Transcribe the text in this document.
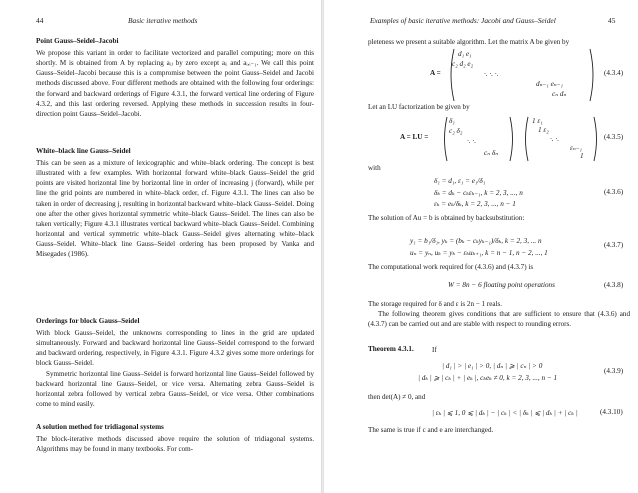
44	Basic iterative methods
Point Gauss–Seidel–Jacobi
We propose this variant in order to facilitate vectorized and parallel computing; more on this shortly. M is obtained from A by replacing aᵢⱼ by zero except aᵢᵢ and aᵢ,ᵢ₋₁. We call this point Gauss–Seidel–Jacobi because this is a compromise between the point Gauss–Seidel and Jacobi methods discussed above. Four different methods are obtained with the following four orderings: the forward and backward orderings of Figure 4.3.1, the forward vertical line ordering of Figure 4.3.2, and this last ordering reversed. Applying these methods in succession results in four-direction point Gauss–Seidel–Jacobi.
White–black line Gauss–Seidel
This can be seen as a mixture of lexicographic and white–black ordering. The concept is best illustrated with a few examples. With horizontal forward white–black Gauss–Seidel the grid points are visited horizontal line by horizontal line in order of increasing j (forward), while per line the grid points are numbered in white–black order, cf. Figure 4.3.1. The lines can also be taken in order of decreasing j, resulting in horizontal backward white–black Gauss–Seidel. Doing one after the other gives horizontal symmetric white–black Gauss–Seidel. The lines can also be taken vertically; Figure 4.3.1 illustrates vertical backward white–black Gauss–Seidel. Combining horizontal and vertical symmetric white–black Gauss–Seidel gives alternating white–black Gauss–Seidel. White–black line Gauss–Seidel ordering has been proposed by Vanka and Misegades (1986).
Orderings for block Gauss–Seidel
With block Gauss–Seidel, the unknowns corresponding to lines in the grid are updated simultaneously. Forward and backward horizontal line Gauss–Seidel correspond to the forward and backward ordering, respectively, in Figure 4.3.1. Figure 4.3.2 gives some more orderings for block Gauss–Seidel.
Symmetric horizontal line Gauss–Seidel is forward horizontal line Gauss–Seidel followed by backward horizontal line Gauss–Seidel, or vice versa. Alternating zebra Gauss–Seidel is horizontal zebra followed by vertical zebra Gauss–Seidel, or vice versa. Other combinations come to mind easily.
A solution method for tridiagonal systems
The block-iterative methods discussed above require the solution of tridiagonal systems. Algorithms may be found in many textbooks. For com-
Examples of basic iterative methods: Jacobi and Gauss–Seidel	45
pleteness we present a suitable algorithm. Let the matrix A be given by
A =
d₁ e₁
c₂ d₂ e₂
·. ·. ·.
dₙ₋₁ eₙ₋₁
cₙ dₙ
(4.3.4)
Let an LU factorization be given by
A = LU =
δ₁
c₂ δ₂
·. ·.
cₙ δₙ
1 ε₁
1 ε₂
·. ·.
εₙ₋₁
1
(4.3.5)
with
δ₁ = d₁, ε₁ = e₁/δ₁
δₖ = dₖ − cₖεₖ₋₁, k = 2, 3, ..., n
εₖ = eₖ/δₖ, k = 2, 3, ..., n − 1
(4.3.6)
The solution of Au = b is obtained by backsubstitution:
y₁ = b₁/δ₁, yₖ = (bₖ − cₖyₖ₋₁)/δₖ, k = 2, 3, ... n
uₙ = yₙ, uₖ = yₖ − εₖuₖ₊₁, k = n − 1, n − 2, ..., 1
(4.3.7)
The computational work required for (4.3.6) and (4.3.7) is
W = 8n − 6 floating point operations	(4.3.8)
The storage required for δ and ε is 2n − 1 reals.
The following theorem gives conditions that are sufficient to ensure that (4.3.6) and (4.3.7) can be carried out and are stable with respect to rounding errors.
Theorem 4.3.1.	If
| d₁ | > | e₁ | > 0, | dₙ | ⩾ | cₙ | > 0
| dₖ | ⩾ | cₖ | + | eₖ |, cₖeₖ ≠ 0, k = 2, 3, ..., n − 1
(4.3.9)
then det(A) ≠ 0, and
| εₖ | ⩽ 1, 0 ⩽ | dₖ | − | cₖ | < | δₖ | ⩽ | dₖ | + | cₖ |	(4.3.10)
The same is true if c and e are interchanged.
